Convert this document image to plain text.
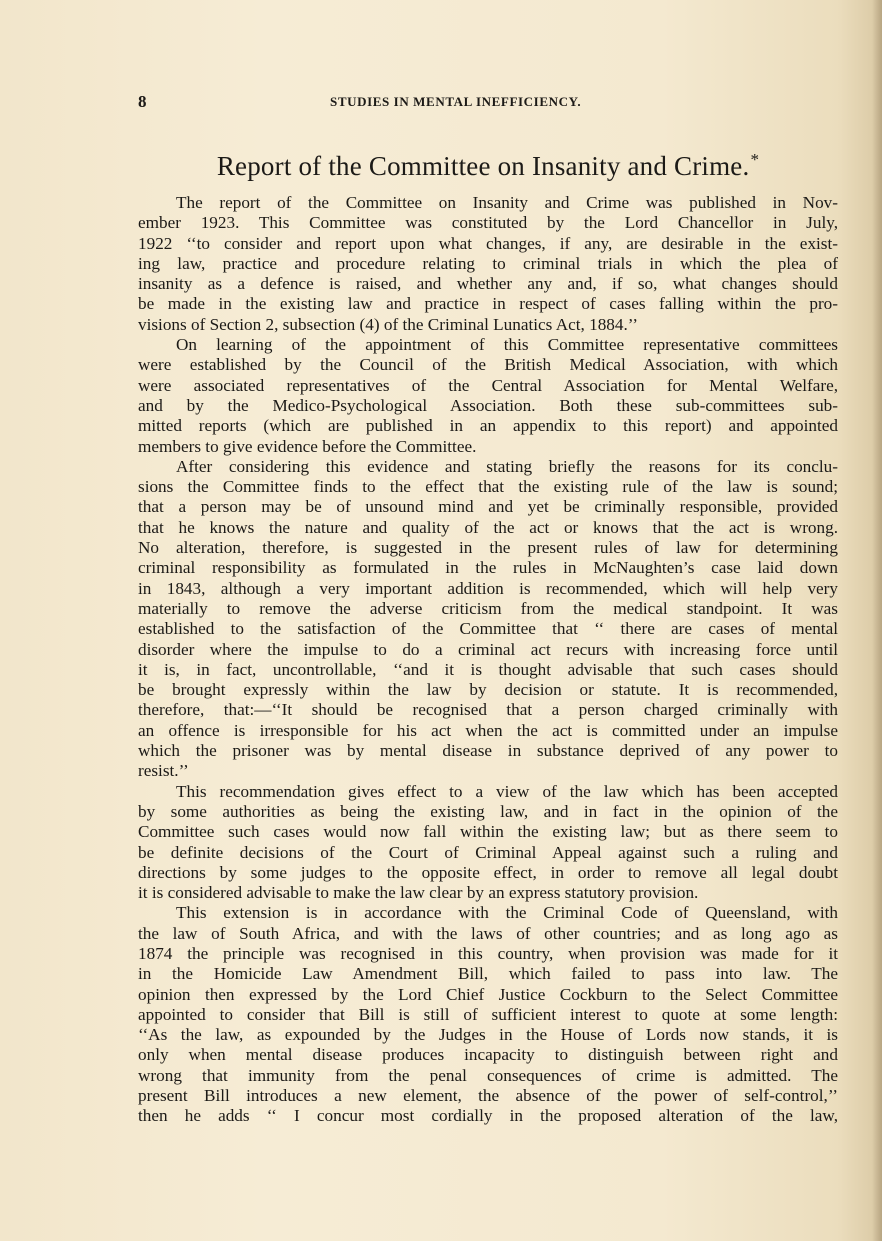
8	STUDIES IN MENTAL INEFFICIENCY.
Report of the Committee on Insanity and Crime.*
The report of the Committee on Insanity and Crime was published in Nov-
ember 1923. This Committee was constituted by the Lord Chancellor in July,
1922 ‘‘to consider and report upon what changes, if any, are desirable in the exist-
ing law, practice and procedure relating to criminal trials in which the plea of
insanity as a defence is raised, and whether any and, if so, what changes should
be made in the existing law and practice in respect of cases falling within the pro-
visions of Section 2, subsection (4) of the Criminal Lunatics Act, 1884.’’
On learning of the appointment of this Committee representative committees
were established by the Council of the British Medical Association, with which
were associated representatives of the Central Association for Mental Welfare,
and by the Medico-Psychological Association. Both these sub-committees sub-
mitted reports (which are published in an appendix to this report) and appointed
members to give evidence before the Committee.
After considering this evidence and stating briefly the reasons for its conclu-
sions the Committee finds to the effect that the existing rule of the law is sound;
that a person may be of unsound mind and yet be criminally responsible, provided
that he knows the nature and quality of the act or knows that the act is wrong.
No alteration, therefore, is suggested in the present rules of law for determining
criminal responsibility as formulated in the rules in McNaughten’s case laid down
in 1843, although a very important addition is recommended, which will help very
materially to remove the adverse criticism from the medical standpoint. It was
established to the satisfaction of the Committee that ‘‘ there are cases of mental
disorder where the impulse to do a criminal act recurs with increasing force until
it is, in fact, uncontrollable, ‘‘and it is thought advisable that such cases should
be brought expressly within the law by decision or statute. It is recommended,
therefore, that:—‘‘It should be recognised that a person charged criminally with
an offence is irresponsible for his act when the act is committed under an impulse
which the prisoner was by mental disease in substance deprived of any power to
resist.’’
This recommendation gives effect to a view of the law which has been accepted
by some authorities as being the existing law, and in fact in the opinion of the
Committee such cases would now fall within the existing law; but as there seem to
be definite decisions of the Court of Criminal Appeal against such a ruling and
directions by some judges to the opposite effect, in order to remove all legal doubt
it is considered advisable to make the law clear by an express statutory provision.
This extension is in accordance with the Criminal Code of Queensland, with
the law of South Africa, and with the laws of other countries; and as long ago as
1874 the principle was recognised in this country, when provision was made for it
in the Homicide Law Amendment Bill, which failed to pass into law. The
opinion then expressed by the Lord Chief Justice Cockburn to the Select Committee
appointed to consider that Bill is still of sufficient interest to quote at some length:
‘‘As the law, as expounded by the Judges in the House of Lords now stands, it is
only when mental disease produces incapacity to distinguish between right and
wrong that immunity from the penal consequences of crime is admitted. The
present Bill introduces a new element, the absence of the power of self-control,’’
then he adds ‘‘ I concur most cordially in the proposed alteration of the law,
